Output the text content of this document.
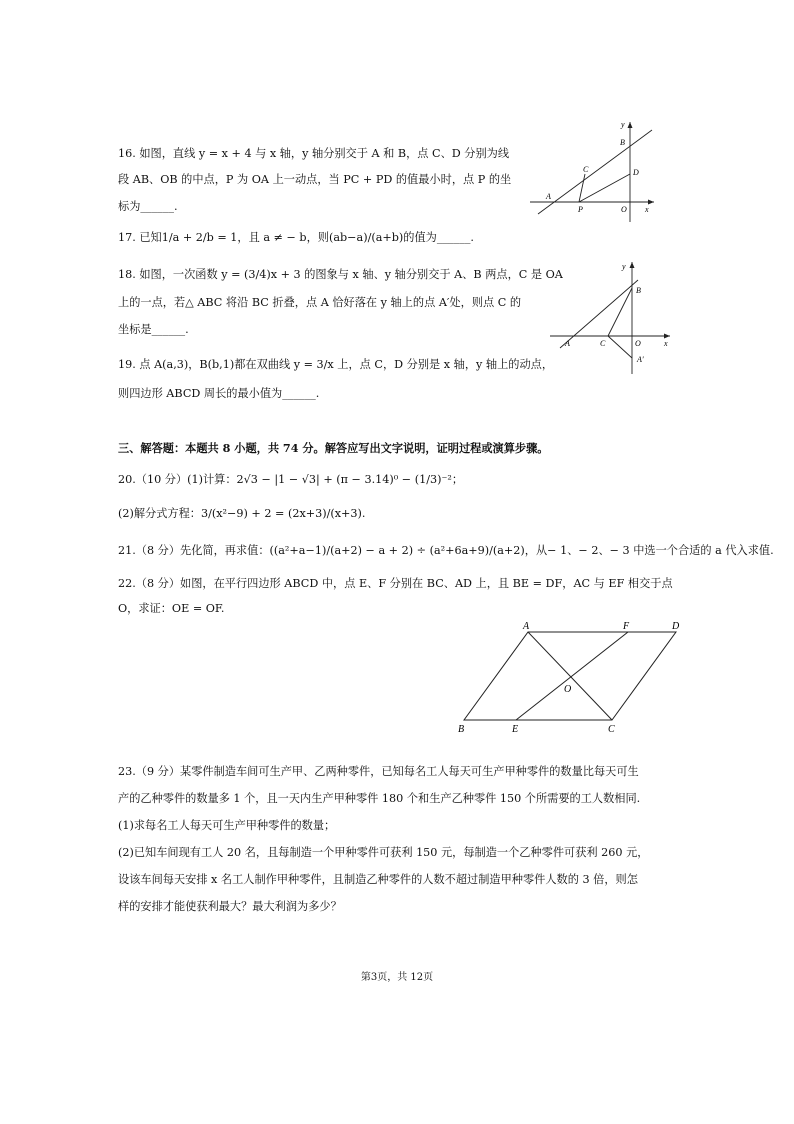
16. 如图，直线 y = x + 4 与 x 轴，y 轴分别交于 A 和 B，点 C、D 分别为线
段 AB、OB 的中点，P 为 OA 上一动点，当 PC + PD 的值最小时，点 P 的坐
标为______.
y
B
C	D
A
P	O x
17. 已知1/a + 2/b = 1，且 a ≠ − b，则(ab−a)/(a+b)的值为______.
18. 如图，一次函数 y = (3/4)x + 3 的图象与 x 轴、y 轴分别交于 A、B 两点，C 是 OA
上的一点，若△ ABC 将沿 BC 折叠，点 A 恰好落在 y 轴上的点 A′处，则点 C 的
坐标是______.
y
B
A	C	O	x
A′
19. 点 A(a,3)，B(b,1)都在双曲线 y = 3/x 上，点 C，D 分别是 x 轴，y 轴上的动点，
则四边形 ABCD 周长的最小值为______.
三、解答题：本题共 8 小题，共 74 分。解答应写出文字说明，证明过程或演算步骤。
20.（10 分）(1)计算：2√3 − |1 − √3| + (π − 3.14)⁰ − (1/3)⁻²；
(2)解分式方程：3/(x²−9) + 2 = (2x+3)/(x+3).
21.（8 分）先化简，再求值：((a²+a−1)/(a+2) − a + 2) ÷ (a²+6a+9)/(a+2)，从− 1、− 2、− 3 中选一个合适的 a 代入求值.
22.（8 分）如图，在平行四边形 ABCD 中，点 E、F 分别在 BC、AD 上，且 BE = DF，AC 与 EF 相交于点
O，求证：OE = OF.
A	F	D
O
B	E	C
23.（9 分）某零件制造车间可生产甲、乙两种零件，已知每名工人每天可生产甲种零件的数量比每天可生
产的乙种零件的数量多 1 个，且一天内生产甲种零件 180 个和生产乙种零件 150 个所需要的工人数相同.
(1)求每名工人每天可生产甲种零件的数量；
(2)已知车间现有工人 20 名，且每制造一个甲种零件可获利 150 元，每制造一个乙种零件可获利 260 元，
设该车间每天安排 x 名工人制作甲种零件，且制造乙种零件的人数不超过制造甲种零件人数的 3 倍，则怎
样的安排才能使获利最大？最大利润为多少？
第3页，共 12页
